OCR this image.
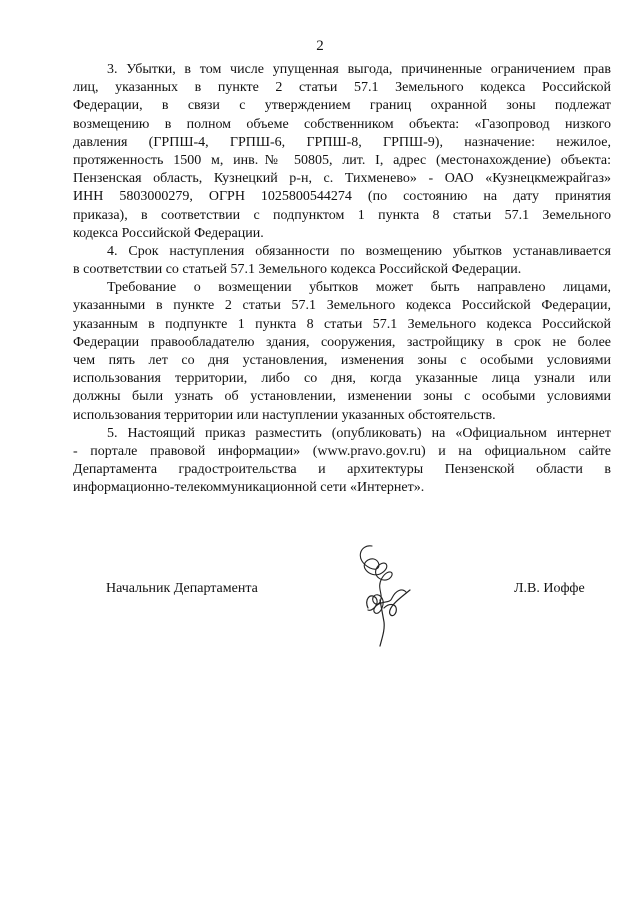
2
3. Убытки, в том числе упущенная выгода, причиненные ограничением прав
лиц, указанных в пункте 2 статьи 57.1 Земельного кодекса Российской
Федерации, в связи с утверждением границ охранной зоны подлежат
возмещению в полном объеме собственником объекта: «Газопровод низкого
давления (ГРПШ-4, ГРПШ-6, ГРПШ-8, ГРПШ-9), назначение: нежилое,
протяженность 1500 м, инв.№ 50805, лит. I, адрес (местонахождение) объекта:
Пензенская область, Кузнецкий р-н, с. Тихменево» - ОАО «Кузнецкмежрайгаз»
ИНН 5803000279, ОГРН 1025800544274 (по состоянию на дату принятия
приказа), в соответствии с подпунктом 1 пункта 8 статьи 57.1 Земельного
кодекса Российской Федерации.
4. Срок наступления обязанности по возмещению убытков устанавливается
в соответствии со статьей 57.1 Земельного кодекса Российской Федерации.
Требование о возмещении убытков может быть направлено лицами,
указанными в пункте 2 статьи 57.1 Земельного кодекса Российской Федерации,
указанным в подпункте 1 пункта 8 статьи 57.1 Земельного кодекса Российской
Федерации правообладателю здания, сооружения, застройщику в срок не более
чем пять лет со дня установления, изменения зоны с особыми условиями
использования территории, либо со дня, когда указанные лица узнали или
должны были узнать об установлении, изменении зоны с особыми условиями
использования территории или наступлении указанных обстоятельств.
5. Настоящий приказ разместить (опубликовать) на «Официальном интернет
- портале правовой информации» (www.pravo.gov.ru) и на официальном сайте
Департамента градостроительства и архитектуры Пензенской области в
информационно-телекоммуникационной сети «Интернет».
Начальник Департамента	Л.В. Иоффе
